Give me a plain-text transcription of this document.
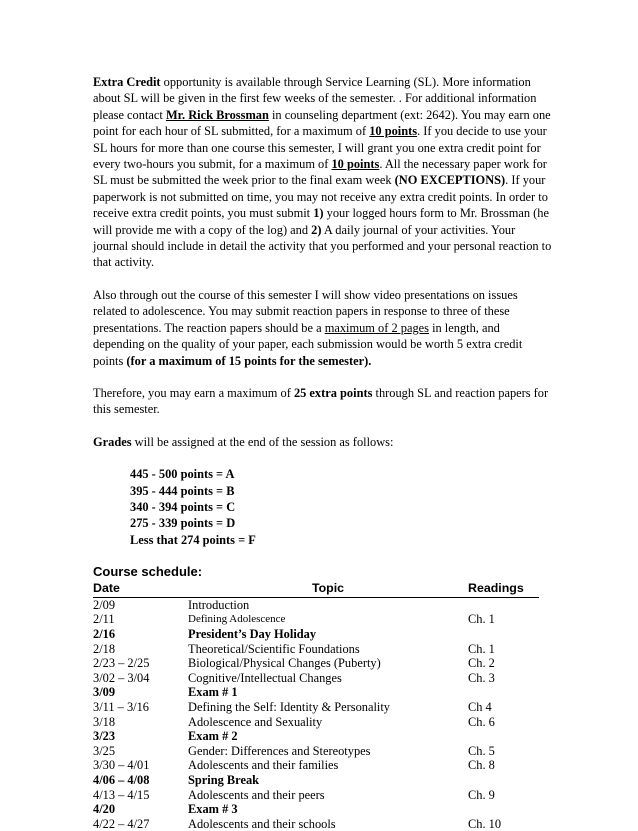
Extra Credit opportunity is available through Service Learning (SL). More information about SL will be given in the first few weeks of the semester. . For additional information please contact Mr. Rick Brossman in counseling department (ext: 2642). You may earn one point for each hour of SL submitted, for a maximum of 10 points. If you decide to use your SL hours for more than one course this semester, I will grant you one extra credit point for every two-hours you submit, for a maximum of 10 points. All the necessary paper work for SL must be submitted the week prior to the final exam week (NO EXCEPTIONS). If your paperwork is not submitted on time, you may not receive any extra credit points. In order to receive extra credit points, you must submit 1) your logged hours form to Mr. Brossman (he will provide me with a copy of the log) and 2) A daily journal of your activities. Your journal should include in detail the activity that you performed and your personal reaction to that activity.

Also through out the course of this semester I will show video presentations on issues related to adolescence. You may submit reaction papers in response to three of these presentations. The reaction papers should be a maximum of 2 pages in length, and depending on the quality of your paper, each submission would be worth 5 extra credit points (for a maximum of 15 points for the semester).

Therefore, you may earn a maximum of 25 extra points through SL and reaction papers for this semester.

Grades will be assigned at the end of the session as follows:

445 - 500 points = A
395 - 444 points = B
340 - 394 points = C
275 - 339 points = D
Less that 274 points = F
Course schedule:
Date	Topic	Readings
2/09	Introduction
2/11	Defining Adolescence	Ch. 1
2/16	President’s Day Holiday
2/18	Theoretical/Scientific Foundations	Ch. 1
2/23 – 2/25	Biological/Physical Changes (Puberty)	Ch. 2
3/02 – 3/04	Cognitive/Intellectual Changes	Ch. 3
3/09	Exam # 1
3/11 – 3/16	Defining the Self: Identity & Personality	Ch 4
3/18	Adolescence and Sexuality	Ch. 6
3/23	Exam # 2
3/25	Gender: Differences and Stereotypes	Ch. 5
3/30 – 4/01	Adolescents and their families	Ch. 8
4/06 – 4/08	Spring Break
4/13 – 4/15	Adolescents and their peers	Ch. 9
4/20	Exam # 3
4/22 – 4/27	Adolescents and their schools	Ch. 10
